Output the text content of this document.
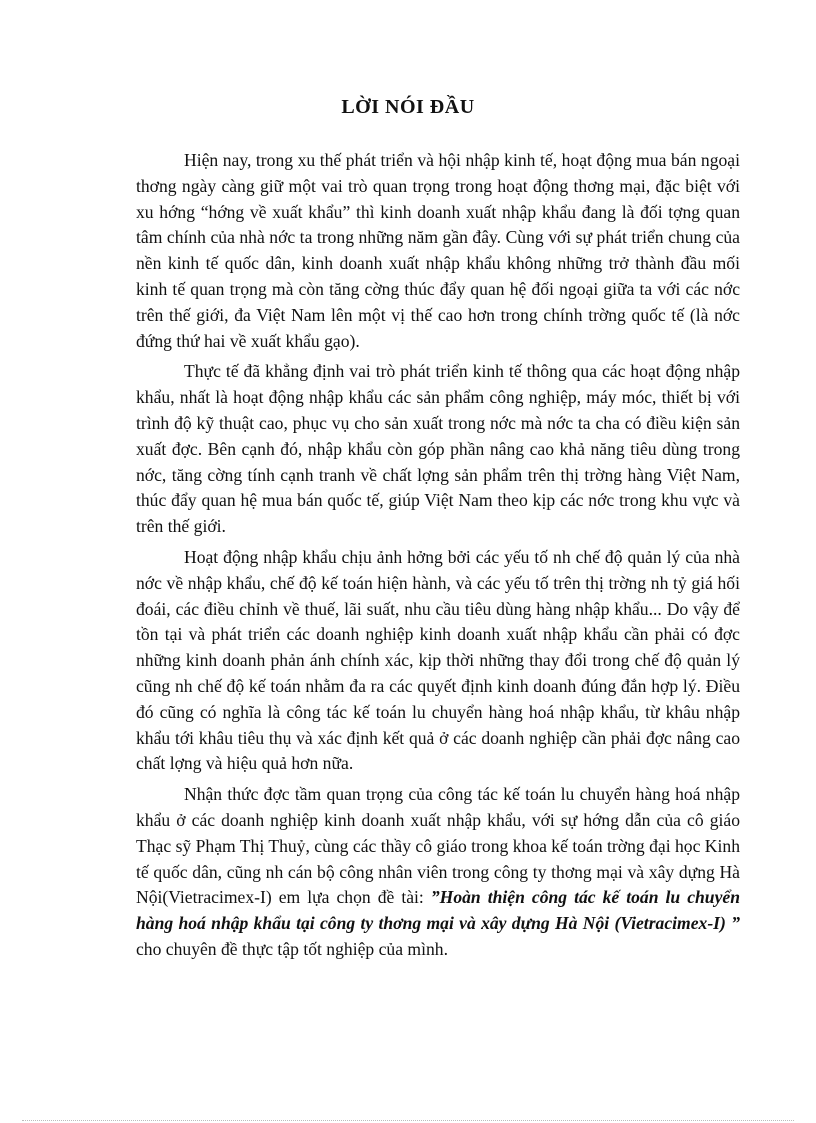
LỜI NÓI ĐẦU

Hiện nay, trong xu thế phát triển và hội nhập kinh tế, hoạt động mua bán ngoại thơng ngày càng giữ một vai trò quan trọng trong hoạt động thơng mại, đặc biệt với xu hớng “hớng về xuất khẩu” thì kinh doanh xuất nhập khẩu đang là đối tợng quan tâm chính của nhà nớc ta trong những năm gần đây. Cùng với sự phát triển chung của nền kinh tế quốc dân, kinh doanh xuất nhập khẩu không những trở thành đầu mối kinh tế quan trọng mà còn tăng cờng thúc đẩy quan hệ đối ngoại giữa ta với các nớc trên thế giới, đa Việt Nam lên một vị thế cao hơn trong chính trờng quốc tế (là nớc đứng thứ hai về xuất khẩu gạo).

Thực tế đã khẳng định vai trò phát triển kinh tế thông qua các hoạt động nhập khẩu, nhất là hoạt động nhập khẩu các sản phẩm công nghiệp, máy móc, thiết bị với trình độ kỹ thuật cao, phục vụ cho sản xuất trong nớc mà nớc ta cha có điều kiện sản xuất đợc. Bên cạnh đó, nhập khẩu còn góp phần nâng cao khả năng tiêu dùng trong nớc, tăng cờng tính cạnh tranh về chất lợng sản phẩm trên thị trờng hàng Việt Nam, thúc đẩy quan hệ mua bán quốc tế, giúp Việt Nam theo kịp các nớc trong khu vực và trên thế giới.

Hoạt động nhập khẩu chịu ảnh hởng bởi các yếu tố nh chế độ quản lý của nhà nớc về nhập khẩu, chế độ kế toán hiện hành, và các yếu tố trên thị trờng nh tỷ giá hối đoái, các điều chỉnh về thuế, lãi suất, nhu cầu tiêu dùng hàng nhập khẩu... Do vậy để tồn tại và phát triển các doanh nghiệp kinh doanh xuất nhập khẩu cần phải có đợc những kinh doanh phản ánh chính xác, kịp thời những thay đổi trong chế độ quản lý cũng nh chế độ kế toán nhằm đa ra các quyết định kinh doanh đúng đắn hợp lý. Điều đó cũng có nghĩa là công tác kế toán lu chuyển hàng hoá nhập khẩu, từ khâu nhập khẩu tới khâu tiêu thụ và xác định kết quả ở các doanh nghiệp cần phải đợc nâng cao chất lợng và hiệu quả hơn nữa.

Nhận thức đợc tầm quan trọng của công tác kế toán lu chuyển hàng hoá nhập khẩu ở các doanh nghiệp kinh doanh xuất nhập khẩu, với sự hớng dẫn của cô giáo Thạc sỹ Phạm Thị Thuỷ, cùng các thầy cô giáo trong khoa kế toán trờng đại học Kinh tế quốc dân, cũng nh cán bộ công nhân viên trong công ty thơng mại và xây dựng Hà Nội(Vietracimex-I) em lựa chọn đề tài: ”Hoàn thiện công tác kế toán lu chuyển hàng hoá nhập khẩu tại công ty thơng mại và xây dựng Hà Nội (Vietracimex-I) ” cho chuyên đề thực tập tốt nghiệp của mình.
